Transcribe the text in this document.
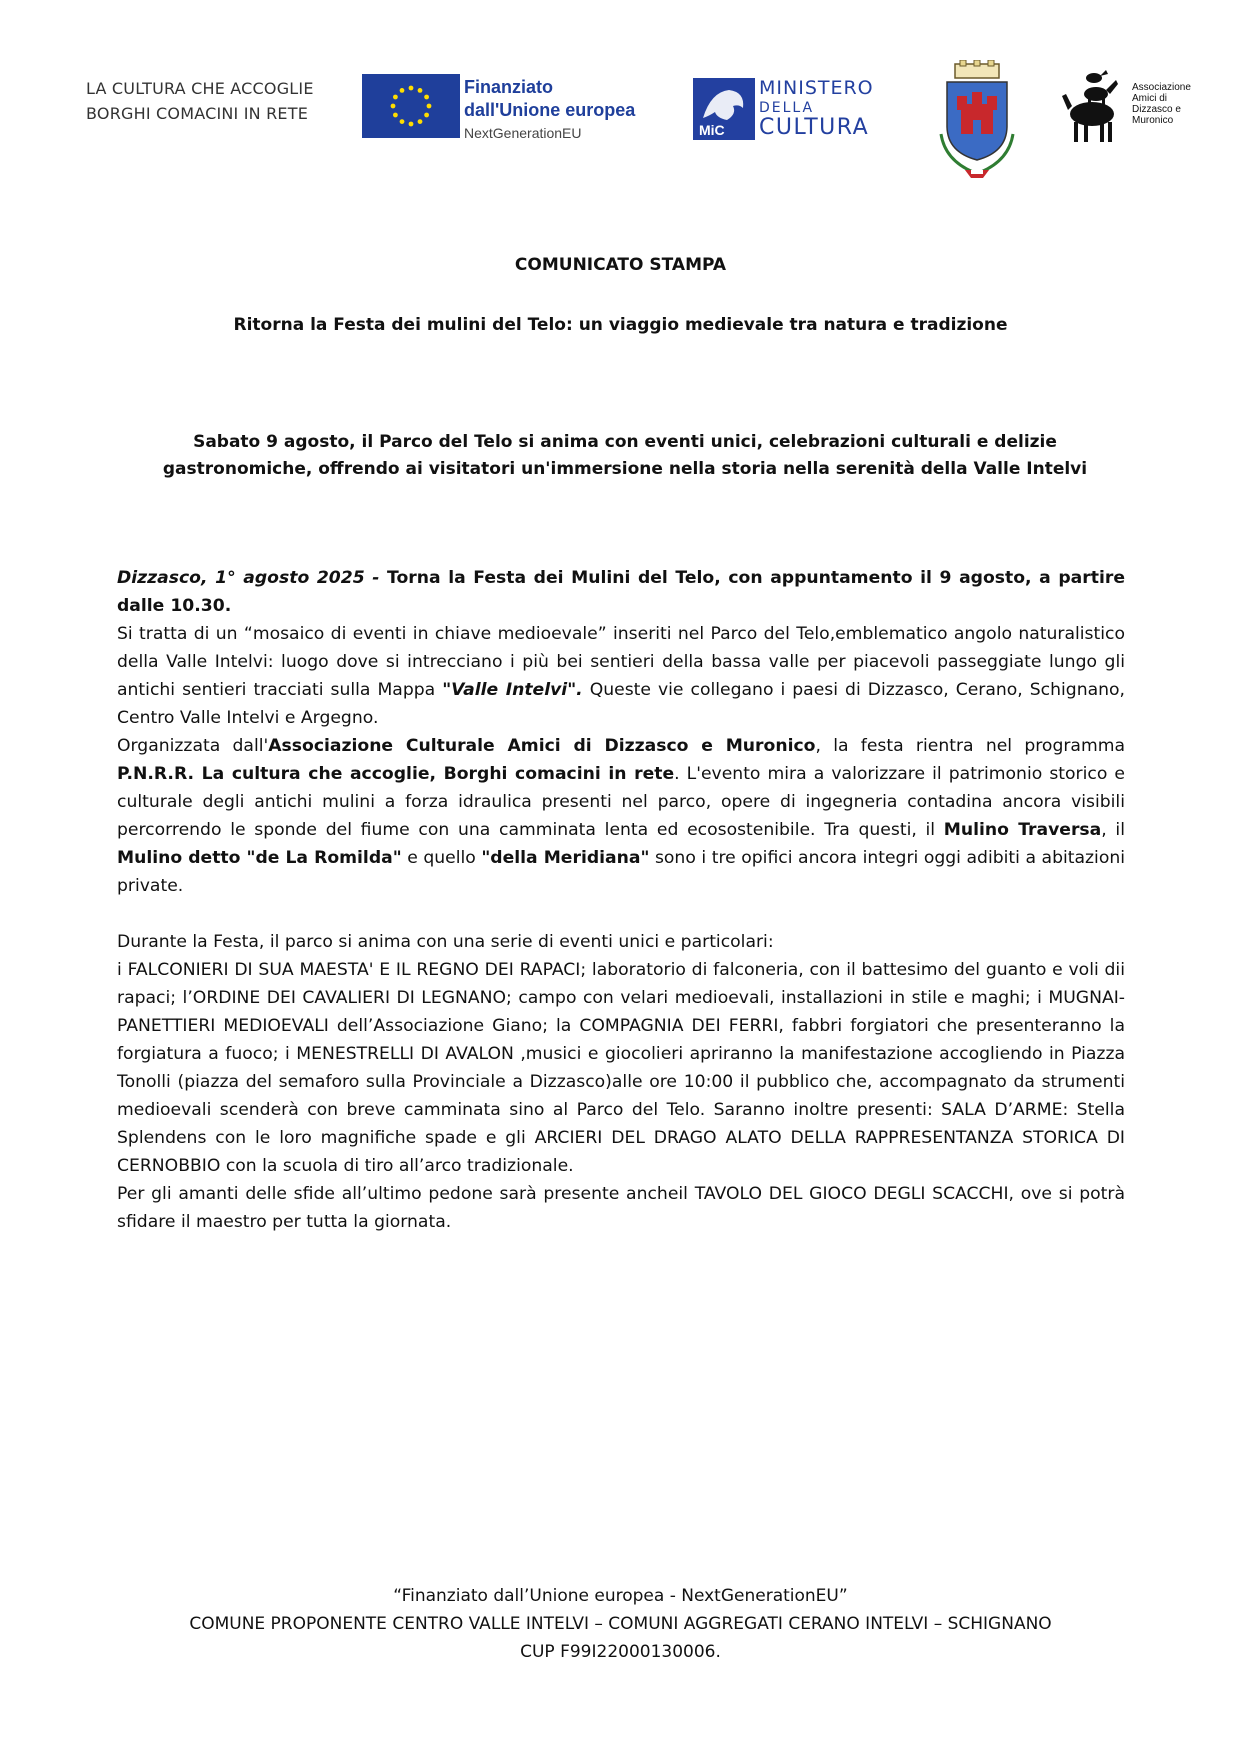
LA CULTURA CHE ACCOGLIE
BORGHI COMACINI IN RETE
Finanziato
dall'Unione europea
NextGenerationEU	MiC
MINISTERO
DELLA
CULTURA
Associazione
Amici di
Dizzasco e
Muronico
COMUNICATO STAMPA
Ritorna la Festa dei mulini del Telo: un viaggio medievale tra natura e tradizione

Sabato 9 agosto, il Parco del Telo si anima con eventi unici, celebrazioni culturali e delizie gastronomiche, offrendo ai visitatori un'immersione nella storia nella serenità della Valle Intelvi

Dizzasco, 1° agosto 2025 - Torna la Festa dei Mulini del Telo, con appuntamento il 9 agosto, a partire dalle 10.30.

Si tratta di un “mosaico di eventi in chiave medioevale” inseriti nel Parco del Telo,emblematico angolo naturalistico della Valle Intelvi: luogo dove si intrecciano i più bei sentieri della bassa valle per piacevoli passeggiate lungo gli antichi sentieri tracciati sulla Mappa "Valle Intelvi". Queste vie collegano i paesi di Dizzasco, Cerano, Schignano, Centro Valle Intelvi e Argegno.

Organizzata dall'Associazione Culturale Amici di Dizzasco e Muronico, la festa rientra nel programma P.N.R.R. La cultura che accoglie, Borghi comacini in rete. L'evento mira a valorizzare il patrimonio storico e culturale degli antichi mulini a forza idraulica presenti nel parco, opere di ingegneria contadina ancora visibili percorrendo le sponde del fiume con una camminata lenta ed ecosostenibile. Tra questi, il Mulino Traversa, il Mulino detto "de La Romilda" e quello "della Meridiana" sono i tre opifici ancora integri oggi adibiti a abitazioni private.

Durante la Festa, il parco si anima con una serie di eventi unici e particolari:

i FALCONIERI DI SUA MAESTA' E IL REGNO DEI RAPACI; laboratorio di falconeria, con il battesimo del guanto e voli dii rapaci; l’ORDINE DEI CAVALIERI DI LEGNANO; campo con velari medioevali, installazioni in stile e maghi; i MUGNAI-PANETTIERI MEDIOEVALI dell’Associazione Giano; la COMPAGNIA DEI FERRI, fabbri forgiatori che presenteranno la forgiatura a fuoco; i MENESTRELLI DI AVALON ,musici e giocolieri apriranno la manifestazione accogliendo in Piazza Tonolli (piazza del semaforo sulla Provinciale a Dizzasco)alle ore 10:00 il pubblico che, accompagnato da strumenti medioevali scenderà con breve camminata sino al Parco del Telo. Saranno inoltre presenti: SALA D’ARME: Stella Splendens con le loro magnifiche spade e gli ARCIERI DEL DRAGO ALATO DELLA RAPPRESENTANZA STORICA DI CERNOBBIO con la scuola di tiro all’arco tradizionale.

Per gli amanti delle sfide all’ultimo pedone sarà presente ancheil TAVOLO DEL GIOCO DEGLI SCACCHI, ove si potrà sfidare il maestro per tutta la giornata.

“Finanziato dall’Unione europea - NextGenerationEU”
COMUNE PROPONENTE CENTRO VALLE INTELVI – COMUNI AGGREGATI CERANO INTELVI – SCHIGNANO
CUP F99I22000130006.
